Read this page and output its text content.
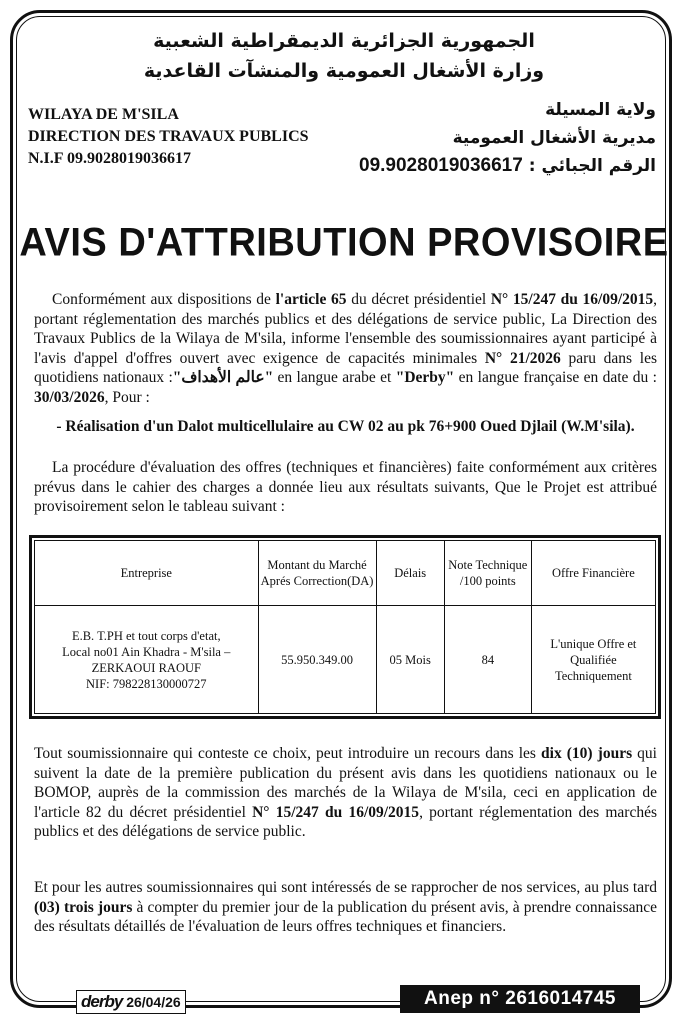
الجمهورية الجزائرية الديمقراطية الشعبية
وزارة الأشغال العمومية والمنشآت القاعدية
WILAYA DE M'SILA
DIRECTION DES TRAVAUX PUBLICS
N.I.F 09.9028019036617
ولاية المسيلة
مديرية الأشغال العمومية
الرقم الجبائي : 09.9028019036617
AVIS D'ATTRIBUTION PROVISOIRE
Conformément aux dispositions de l'article 65 du décret présidentiel N° 15/247 du 16/09/2015, portant réglementation des marchés publics et des délégations de service public, La Direction des Travaux Publics de la Wilaya de M'sila, informe l'ensemble des soumissionnaires ayant participé à l'avis d'appel d'offres ouvert avec exigence de capacités minimales N° 21/2026 paru dans les quotidiens nationaux :"عالم الأهداف" en langue arabe et "Derby" en langue française en date du : 30/03/2026, Pour :
- Réalisation d'un Dalot multicellulaire au CW 02 au pk 76+900 Oued Djlail (W.M'sila).
La procédure d'évaluation des offres (techniques et financières) faite conformément aux critères prévus dans le cahier des charges a donnée lieu aux résultats suivants, Que le Projet est attribué provisoirement selon le tableau suivant :
Entreprise	Montant du Marché Aprés Correction(DA)	Délais	Note Technique /100 points	Offre Financière

E.B. T.PH et tout corps d'etat,
Local no01 Ain Khadra - M'sila –
ZERKAOUI RAOUF
NIF: 798228130000727	55.950.349.00	05 Mois	84	L'unique Offre et Qualifiée Techniquement
Tout soumissionnaire qui conteste ce choix, peut introduire un recours dans les dix (10) jours qui suivent la date de la première publication du présent avis dans les quotidiens nationaux ou le BOMOP, auprès de la commission des marchés de la Wilaya de M'sila, ceci en application de l'article 82 du décret présidentiel N° 15/247 du 16/09/2015, portant réglementation des marchés publics et des délégations de service public.
Et pour les autres soumissionnaires qui sont intéressés de se rapprocher de nos services, au plus tard (03) trois jours à compter du premier jour de la publication du présent avis, à prendre connaissance des résultats détaillés de l'évaluation de leurs offres techniques et financiers.
derby 26/04/26	Anep n° 2616014745
